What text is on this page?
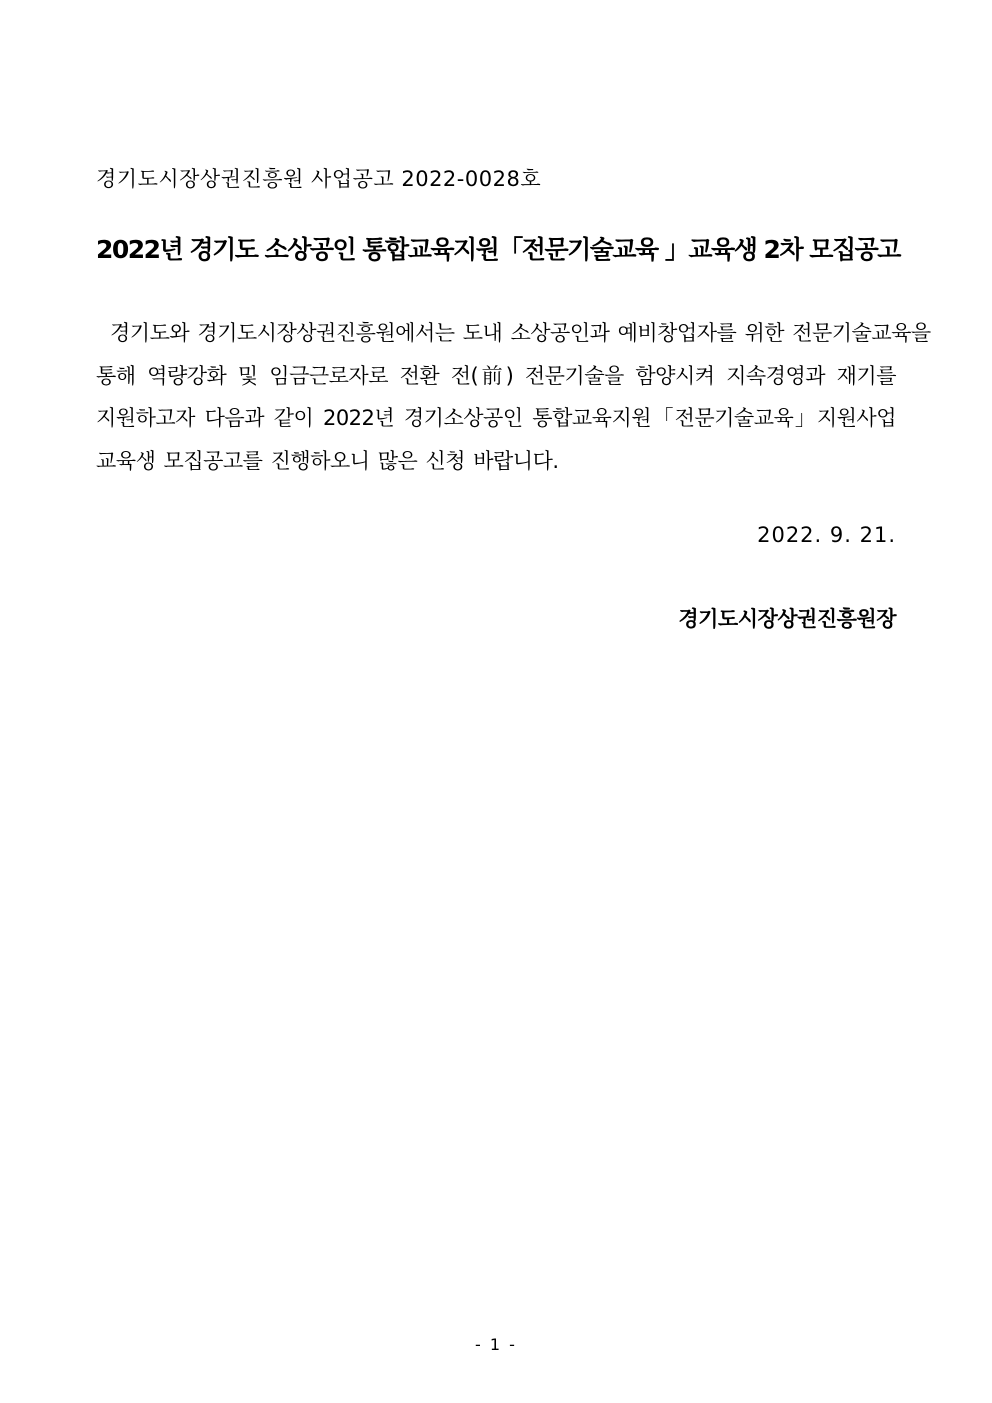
경기도시장상권진흥원 사업공고 2022-0028호
2022년 경기도 소상공인 통합교육지원「전문기술교육 」교육생 2차 모집공고
경기도와 경기도시장상권진흥원에서는 도내 소상공인과 예비창업자를 위한 전문기술교육을
통해 역량강화 및 임금근로자로 전환 전(前) 전문기술을 함양시켜 지속경영과 재기를
지원하고자 다음과 같이 2022년 경기소상공인 통합교육지원「전문기술교육」지원사업
교육생 모집공고를 진행하오니 많은 신청 바랍니다.
2022. 9. 21.
경기도시장상권진흥원장
- 1 -
